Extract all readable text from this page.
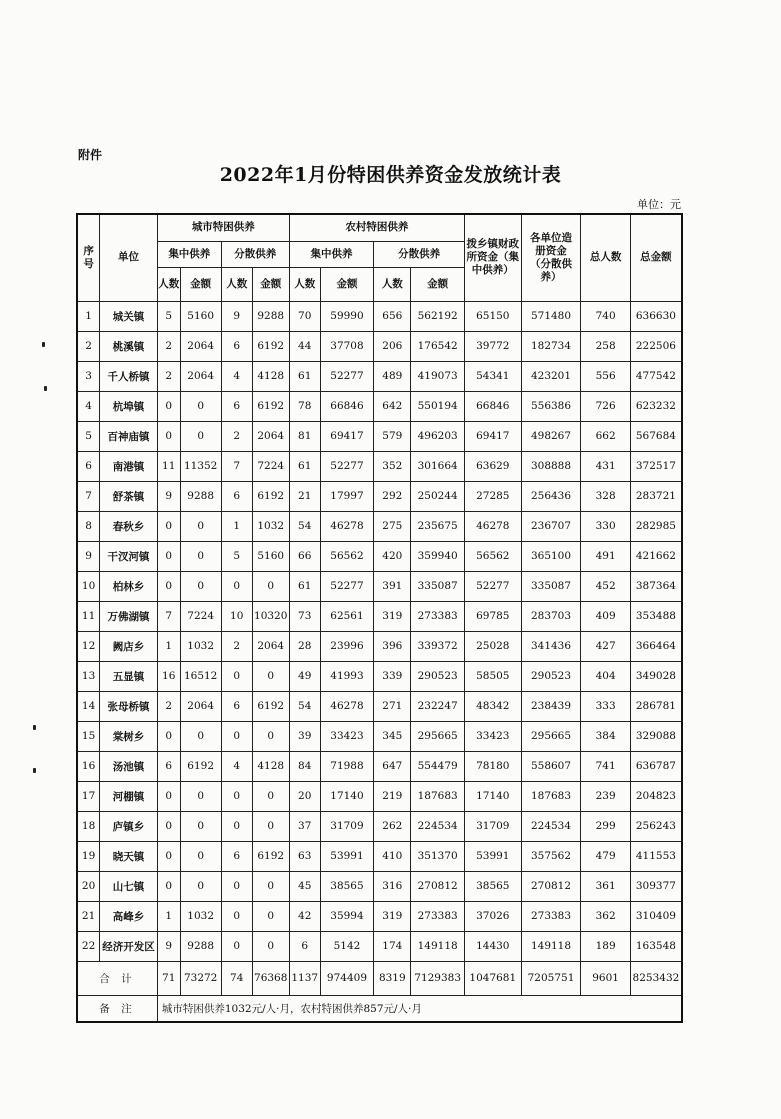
附件
2022年1月份特困供养资金发放统计表
单位：元
序号	单位	城市特困供养				农村特困供养				拨乡镇财政所资金（集中供养）	各单位造册资金（分散供养）	总人数	总金额
		集中供养		分散供养		集中供养		分散供养					
		人数	金额	人数	金额	人数	金额	人数	金额				
1	城关镇	5	5160	9	9288	70	59990	656	562192	65150	571480	740	636630
2	桃溪镇	2	2064	6	6192	44	37708	206	176542	39772	182734	258	222506
3	千人桥镇	2	2064	4	4128	61	52277	489	419073	54341	423201	556	477542
4	杭埠镇	0	0	6	6192	78	66846	642	550194	66846	556386	726	623232
5	百神庙镇	0	0	2	2064	81	69417	579	496203	69417	498267	662	567684
6	南港镇	11	11352	7	7224	61	52277	352	301664	63629	308888	431	372517
7	舒茶镇	9	9288	6	6192	21	17997	292	250244	27285	256436	328	283721
8	春秋乡	0	0	1	1032	54	46278	275	235675	46278	236707	330	282985
9	干汊河镇	0	0	5	5160	66	56562	420	359940	56562	365100	491	421662
10	柏林乡	0	0	0	0	61	52277	391	335087	52277	335087	452	387364
11	万佛湖镇	7	7224	10	10320	73	62561	319	273383	69785	283703	409	353488
12	阙店乡	1	1032	2	2064	28	23996	396	339372	25028	341436	427	366464
13	五显镇	16	16512	0	0	49	41993	339	290523	58505	290523	404	349028
14	张母桥镇	2	2064	6	6192	54	46278	271	232247	48342	238439	333	286781
15	棠树乡	0	0	0	0	39	33423	345	295665	33423	295665	384	329088
16	汤池镇	6	6192	4	4128	84	71988	647	554479	78180	558607	741	636787
17	河棚镇	0	0	0	0	20	17140	219	187683	17140	187683	239	204823
18	庐镇乡	0	0	0	0	37	31709	262	224534	31709	224534	299	256243
19	晓天镇	0	0	6	6192	63	53991	410	351370	53991	357562	479	411553
20	山七镇	0	0	0	0	45	38565	316	270812	38565	270812	361	309377
21	高峰乡	1	1032	0	0	42	35994	319	273383	37026	273383	362	310409
22	经济开发区	9	9288	0	0	6	5142	174	149118	14430	149118	189	163548
合 计		71	73272	74	76368	1137	974409	8319	7129383	1047681	7205751	9601	8253432
备 注		城市特困供养1032元/人·月，农村特困供养857元/人·月											
